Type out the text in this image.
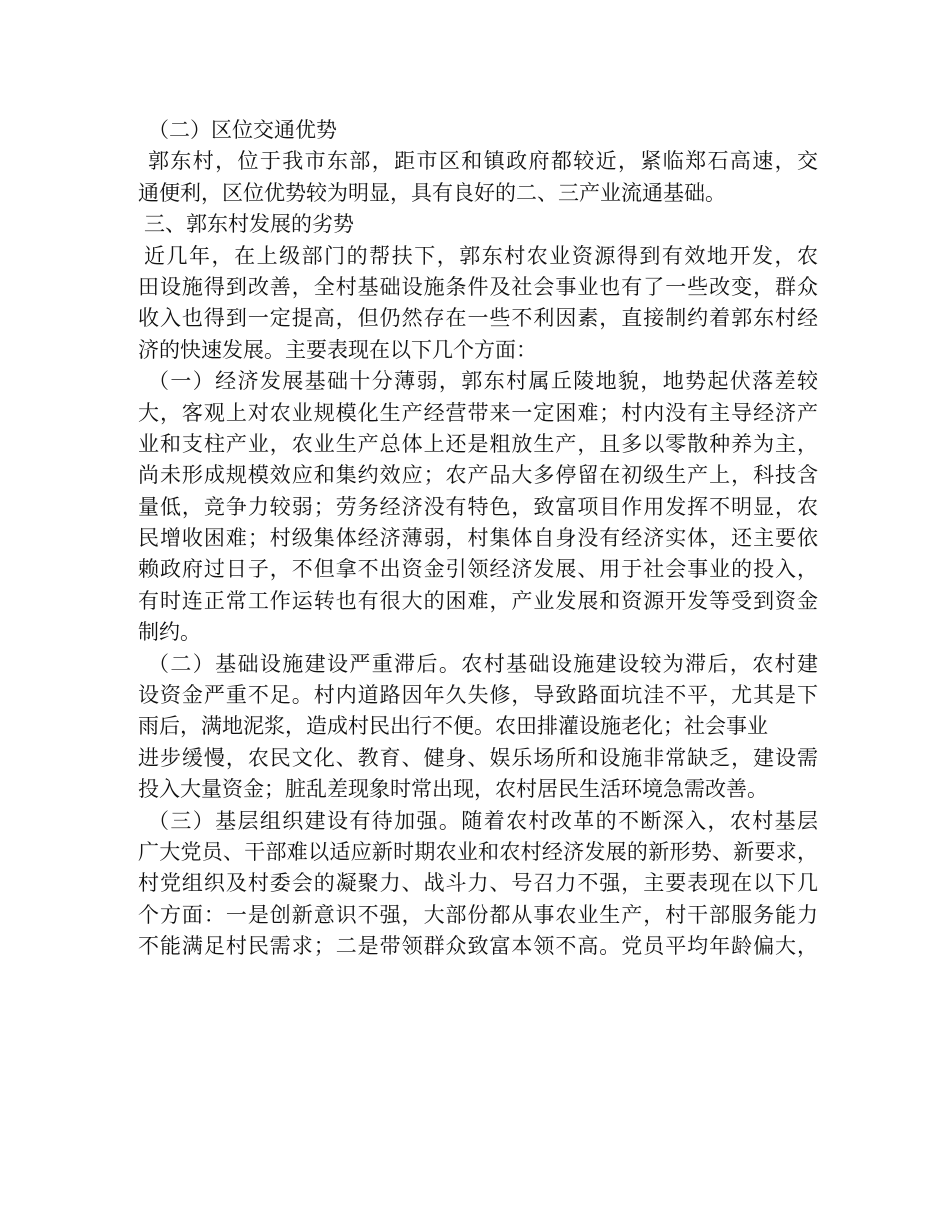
（二）区位交通优势
郭东村，位于我市东部，距市区和镇政府都较近，紧临郑石高速，交
通便利，区位优势较为明显，具有良好的二、三产业流通基础。
三、郭东村发展的劣势
近几年，在上级部门的帮扶下，郭东村农业资源得到有效地开发，农
田设施得到改善，全村基础设施条件及社会事业也有了一些改变，群众
收入也得到一定提高，但仍然存在一些不利因素，直接制约着郭东村经
济的快速发展。主要表现在以下几个方面：
（一）经济发展基础十分薄弱，郭东村属丘陵地貌，地势起伏落差较
大，客观上对农业规模化生产经营带来一定困难；村内没有主导经济产
业和支柱产业，农业生产总体上还是粗放生产，且多以零散种养为主，
尚未形成规模效应和集约效应；农产品大多停留在初级生产上，科技含
量低，竞争力较弱；劳务经济没有特色，致富项目作用发挥不明显，农
民增收困难；村级集体经济薄弱，村集体自身没有经济实体，还主要依
赖政府过日子，不但拿不出资金引领经济发展、用于社会事业的投入，
有时连正常工作运转也有很大的困难，产业发展和资源开发等受到资金
制约。
（二）基础设施建设严重滞后。农村基础设施建设较为滞后，农村建
设资金严重不足。村内道路因年久失修，导致路面坑洼不平，尤其是下
雨后，满地泥浆，造成村民出行不便。农田排灌设施老化；社会事业
进步缓慢，农民文化、教育、健身、娱乐场所和设施非常缺乏，建设需
投入大量资金；脏乱差现象时常出现，农村居民生活环境急需改善。
（三）基层组织建设有待加强。随着农村改革的不断深入，农村基层
广大党员、干部难以适应新时期农业和农村经济发展的新形势、新要求，
村党组织及村委会的凝聚力、战斗力、号召力不强，主要表现在以下几
个方面：一是创新意识不强，大部份都从事农业生产，村干部服务能力
不能满足村民需求；二是带领群众致富本领不高。党员平均年龄偏大，
